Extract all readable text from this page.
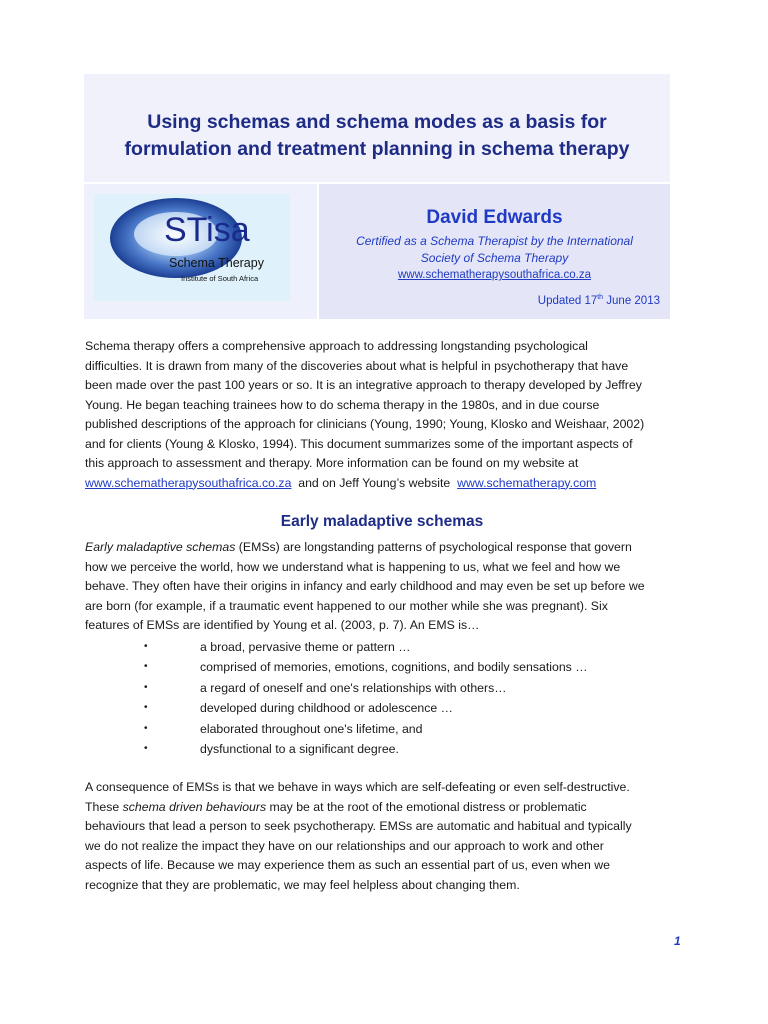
Using schemas and schema modes as a basis for
formulation and treatment planning in schema therapy

STisa
Schema Therapy
Institute of South Africa

David Edwards

Certified as a Schema Therapist by the International
Society of Schema Therapy

www.schematherapysouthafrica.co.za
Updated 17th June 2013

Schema therapy offers a comprehensive approach to addressing longstanding psychological difficulties. It is drawn from many of the discoveries about what is helpful in psychotherapy that have been made over the past 100 years or so. It is an integrative approach to therapy developed by Jeffrey Young. He began teaching trainees how to do schema therapy in the 1980s, and in due course published descriptions of the approach for clinicians (Young, 1990; Young, Klosko and Weishaar, 2002) and for clients (Young & Klosko, 1994). This document summarizes some of the important aspects of this approach to assessment and therapy. More information can be found on my website at www.schematherapysouthafrica.co.za  and on Jeff Young’s website  www.schematherapy.com

Early maladaptive schemas

Early maladaptive schemas (EMSs) are longstanding patterns of psychological response that govern how we perceive the world, how we understand what is happening to us, what we feel and how we behave. They often have their origins in infancy and early childhood and may even be set up before we are born (for example, if a traumatic event happened to our mother while she was pregnant). Six features of EMSs are identified by Young et al. (2003, p. 7). An EMS is…

•	a broad, pervasive theme or pattern …
•	comprised of memories, emotions, cognitions, and bodily sensations …
•	a regard of oneself and one's relationships with others…
•	developed during childhood or adolescence …
•	elaborated throughout one's lifetime, and
•	dysfunctional to a significant degree.

A consequence of EMSs is that we behave in ways which are self-defeating or even self-destructive. These schema driven behaviours may be at the root of the emotional distress or problematic behaviours that lead a person to seek psychotherapy. EMSs are automatic and habitual and typically we do not realize the impact they have on our relationships and our approach to work and other aspects of life. Because we may experience them as such an essential part of us, even when we recognize that they are problematic, we may feel helpless about changing them.

1
